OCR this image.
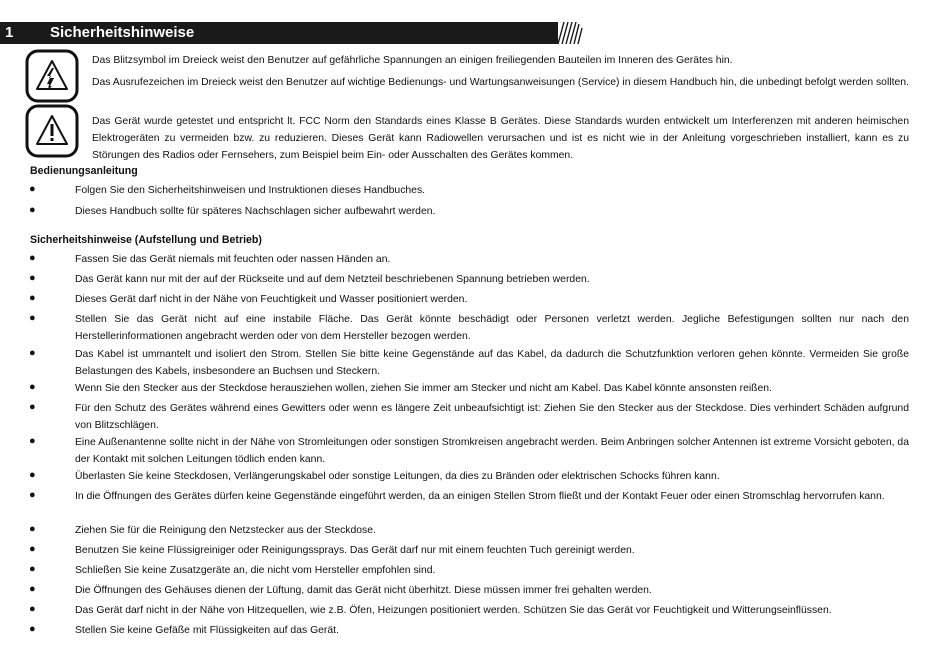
1 Sicherheitshinweise
Das Blitzsymbol im Dreieck weist den Benutzer auf gefährliche Spannungen an einigen freiliegenden Bauteilen im Inneren des Gerätes hin.
Das Ausrufezeichen im Dreieck weist den Benutzer auf wichtige Bedienungs- und Wartungsanweisungen (Service) in diesem Handbuch hin, die unbedingt befolgt werden sollten.
Das Gerät wurde getestet und entspricht lt. FCC Norm den Standards eines Klasse B Gerätes. Diese Standards wurden entwickelt um Interferenzen mit anderen heimischen Elektrogeräten zu vermeiden bzw. zu reduzieren. Dieses Gerät kann Radiowellen verursachen und ist es nicht wie in der Anleitung vorgeschrieben installiert, kann es zu Störungen des Radios oder Fernsehers, zum Beispiel beim Ein- oder Ausschalten des Gerätes kommen.
Bedienungsanleitung
●	Folgen Sie den Sicherheitshinweisen und Instruktionen dieses Handbuches.
●	Dieses Handbuch sollte für späteres Nachschlagen sicher aufbewahrt werden.
Sicherheitshinweise (Aufstellung und Betrieb)
●	Fassen Sie das Gerät niemals mit feuchten oder nassen Händen an.
●	Das Gerät kann nur mit der auf der Rückseite und auf dem Netzteil beschriebenen Spannung betrieben werden.
●	Dieses Gerät darf nicht in der Nähe von Feuchtigkeit und Wasser positioniert werden.
●	Stellen Sie das Gerät nicht auf eine instabile Fläche. Das Gerät könnte beschädigt oder Personen verletzt werden. Jegliche Befestigungen sollten nur nach den Herstellerinformationen angebracht werden oder von dem Hersteller bezogen werden.
●	Das Kabel ist ummantelt und isoliert den Strom. Stellen Sie bitte keine Gegenstände auf das Kabel, da dadurch die Schutzfunktion verloren gehen könnte. Vermeiden Sie große Belastungen des Kabels, insbesondere an Buchsen und Steckern.
●	Wenn Sie den Stecker aus der Steckdose herausziehen wollen, ziehen Sie immer am Stecker und nicht am Kabel. Das Kabel könnte ansonsten reißen.
●	Für den Schutz des Gerätes während eines Gewitters oder wenn es längere Zeit unbeaufsichtigt ist: Ziehen Sie den Stecker aus der Steckdose. Dies verhindert Schäden aufgrund von Blitzschlägen.
●	Eine Außenantenne sollte nicht in der Nähe von Stromleitungen oder sonstigen Stromkreisen angebracht werden. Beim Anbringen solcher Antennen ist extreme Vorsicht geboten, da der Kontakt mit solchen Leitungen tödlich enden kann.
●	Überlasten Sie keine Steckdosen, Verlängerungskabel oder sonstige Leitungen, da dies zu Bränden oder elektrischen Schocks führen kann.
●	In die Öffnungen des Gerätes dürfen keine Gegenstände eingeführt werden, da an einigen Stellen Strom fließt und der Kontakt Feuer oder einen Stromschlag hervorrufen kann.
●	Ziehen Sie für die Reinigung den Netzstecker aus der Steckdose.
●	Benutzen Sie keine Flüssigreiniger oder Reinigungssprays. Das Gerät darf nur mit einem feuchten Tuch gereinigt werden.
●	Schließen Sie keine Zusatzgeräte an, die nicht vom Hersteller empfohlen sind.
●	Die Öffnungen des Gehäuses dienen der Lüftung, damit das Gerät nicht überhitzt. Diese müssen immer frei gehalten werden.
●	Das Gerät darf nicht in der Nähe von Hitzequellen, wie z.B. Öfen, Heizungen positioniert werden. Schützen Sie das Gerät vor Feuchtigkeit und Witterungseinflüssen.
●	Stellen Sie keine Gefäße mit Flüssigkeiten auf das Gerät.
